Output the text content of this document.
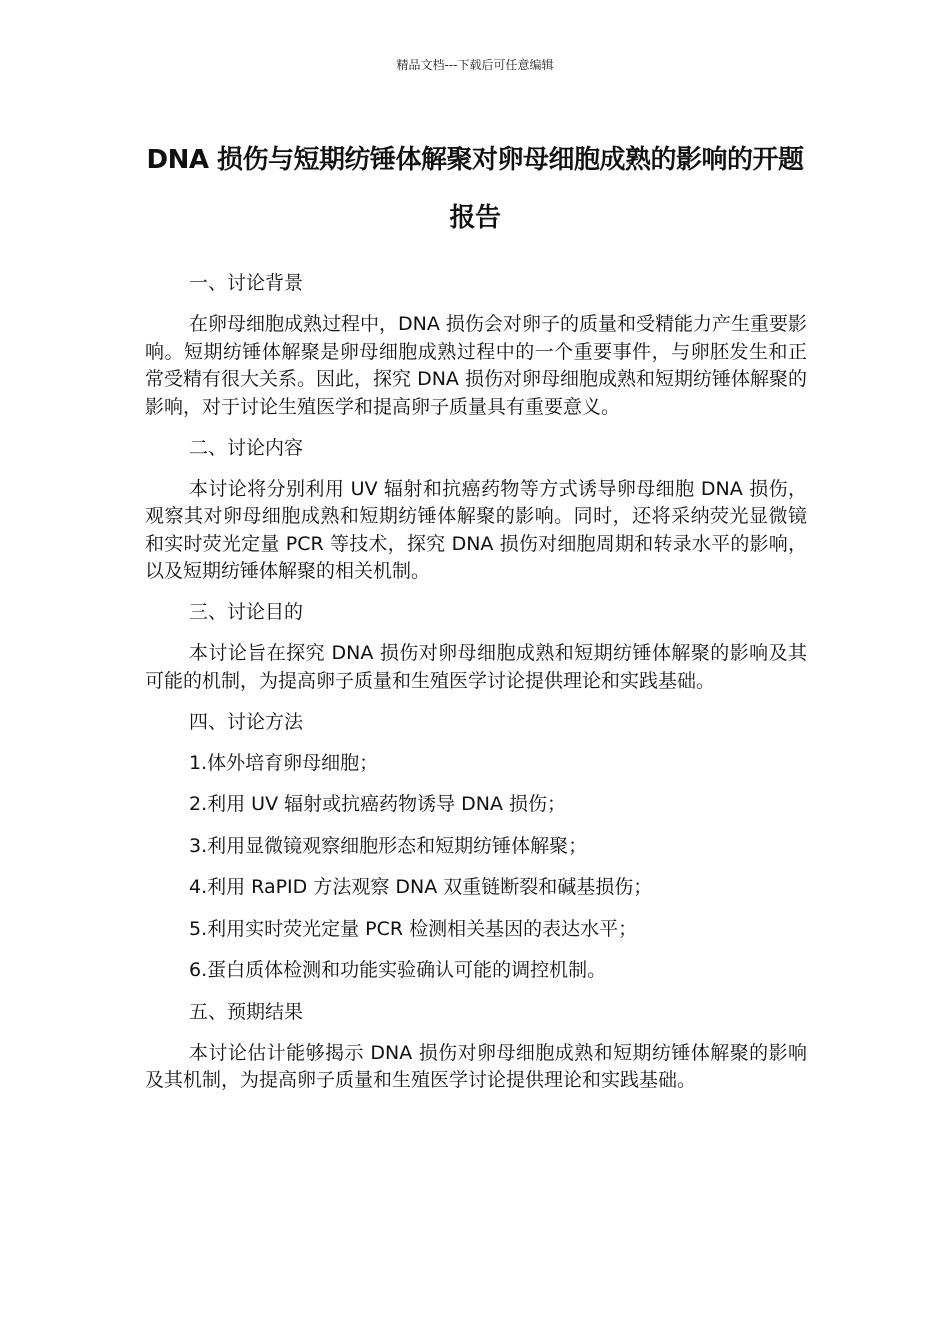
精品文档---下载后可任意编辑
DNA 损伤与短期纺锤体解聚对卵母细胞成熟的影响的开题报告

一、讨论背景

在卵母细胞成熟过程中，DNA 损伤会对卵子的质量和受精能力产生重要影响。短期纺锤体解聚是卵母细胞成熟过程中的一个重要事件，与卵胚发生和正常受精有很大关系。因此，探究 DNA 损伤对卵母细胞成熟和短期纺锤体解聚的影响，对于讨论生殖医学和提高卵子质量具有重要意义。

二、讨论内容

本讨论将分别利用 UV 辐射和抗癌药物等方式诱导卵母细胞 DNA 损伤，观察其对卵母细胞成熟和短期纺锤体解聚的影响。同时，还将采纳荧光显微镜和实时荧光定量 PCR 等技术，探究 DNA 损伤对细胞周期和转录水平的影响，以及短期纺锤体解聚的相关机制。

三、讨论目的

本讨论旨在探究 DNA 损伤对卵母细胞成熟和短期纺锤体解聚的影响及其可能的机制，为提高卵子质量和生殖医学讨论提供理论和实践基础。

四、讨论方法

1.体外培育卵母细胞；

2.利用 UV 辐射或抗癌药物诱导 DNA 损伤；

3.利用显微镜观察细胞形态和短期纺锤体解聚；

4.利用 RaPID 方法观察 DNA 双重链断裂和碱基损伤；

5.利用实时荧光定量 PCR 检测相关基因的表达水平；

6.蛋白质体检测和功能实验确认可能的调控机制。

五、预期结果

本讨论估计能够揭示 DNA 损伤对卵母细胞成熟和短期纺锤体解聚的影响及其机制，为提高卵子质量和生殖医学讨论提供理论和实践基础。
